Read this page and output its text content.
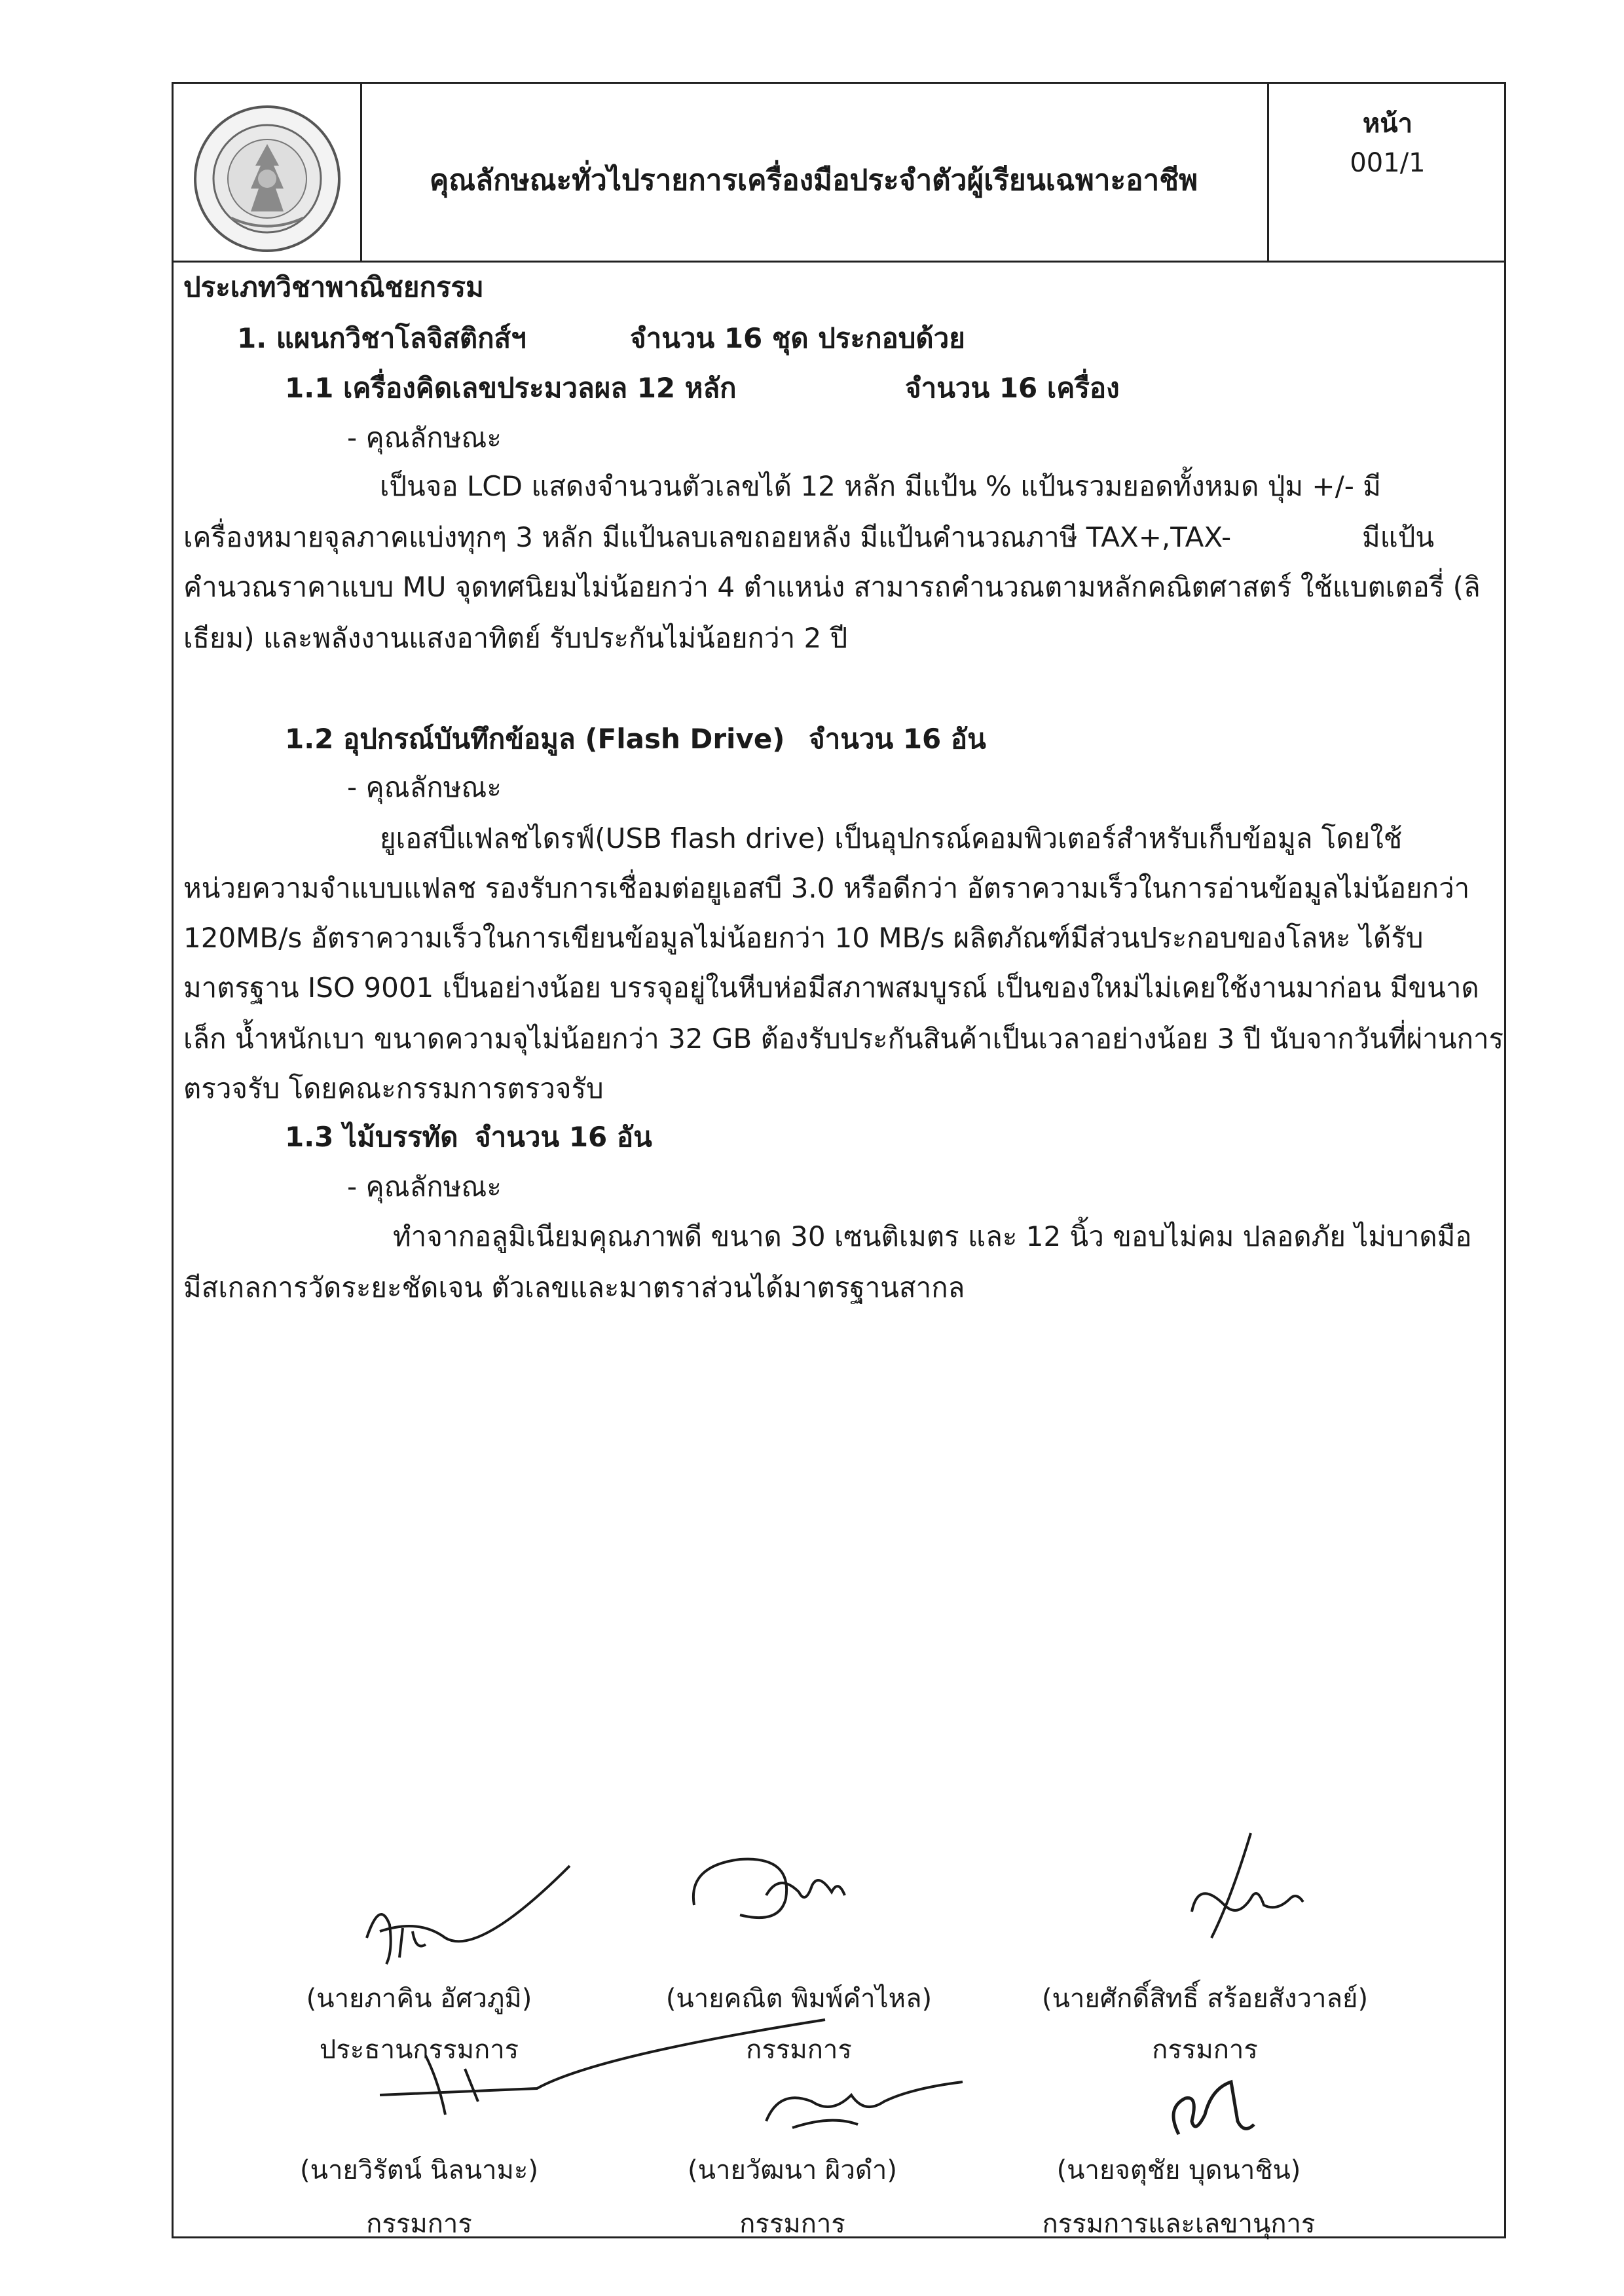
คุณลักษณะทั่วไปรายการเครื่องมือประจำตัวผู้เรียนเฉพาะอาชีพ
หน้า
001/1
ประเภทวิชาพาณิชยกรรม
1. แผนกวิชาโลจิสติกส์ฯ	จำนวน 16 ชุด ประกอบด้วย
1.1 เครื่องคิดเลขประมวลผล 12 หลัก	จำนวน 16 เครื่อง
- คุณลักษณะ
เป็นจอ LCD แสดงจำนวนตัวเลขได้ 12 หลัก มีแป้น % แป้นรวมยอดทั้งหมด ปุ่ม +/- มี
เครื่องหมายจุลภาคแบ่งทุกๆ 3 หลัก มีแป้นลบเลขถอยหลัง มีแป้นคำนวณภาษี TAX+,TAX-	มีแป้น
คำนวณราคาแบบ MU จุดทศนิยมไม่น้อยกว่า 4 ตำแหน่ง สามารถคำนวณตามหลักคณิตศาสตร์ ใช้แบตเตอรี่ (ลิ
เธียม) และพลังงานแสงอาทิตย์ รับประกันไม่น้อยกว่า 2 ปี
1.2 อุปกรณ์บันทึกข้อมูล (Flash Drive) จำนวน 16 อัน
- คุณลักษณะ
ยูเอสบีแฟลชไดรฟ์(USB flash drive) เป็นอุปกรณ์คอมพิวเตอร์สำหรับเก็บข้อมูล โดยใช้
หน่วยความจำแบบแฟลช รองรับการเชื่อมต่อยูเอสบี 3.0 หรือดีกว่า อัตราความเร็วในการอ่านข้อมูลไม่น้อยกว่า
120MB/s อัตราความเร็วในการเขียนข้อมูลไม่น้อยกว่า 10 MB/s ผลิตภัณฑ์มีส่วนประกอบของโลหะ ได้รับ
มาตรฐาน ISO 9001 เป็นอย่างน้อย บรรจุอยู่ในหีบห่อมีสภาพสมบูรณ์ เป็นของใหม่ไม่เคยใช้งานมาก่อน มีขนาด
เล็ก น้ำหนักเบา ขนาดความจุไม่น้อยกว่า 32 GB ต้องรับประกันสินค้าเป็นเวลาอย่างน้อย 3 ปี นับจากวันที่ผ่านการ
ตรวจรับ โดยคณะกรรมการตรวจรับ
1.3 ไม้บรรทัด จำนวน 16 อัน
- คุณลักษณะ
ทำจากอลูมิเนียมคุณภาพดี ขนาด 30 เซนติเมตร และ 12 นิ้ว ขอบไม่คม ปลอดภัย ไม่บาดมือ
มีสเกลการวัดระยะชัดเจน ตัวเลขและมาตราส่วนได้มาตรฐานสากล
(นายภาคิน อัศวภูมิ)
ประธานกรรมการ
(นายคณิต พิมพ์คำไหล)
กรรมการ
(นายศักดิ์สิทธิ์ สร้อยสังวาลย์)
กรรมการ
(นายวิรัตน์ นิลนามะ)
กรรมการ
(นายวัฒนา ผิวดำ)
กรรมการ
(นายจตุชัย บุดนาชิน)
กรรมการและเลขานุการ
